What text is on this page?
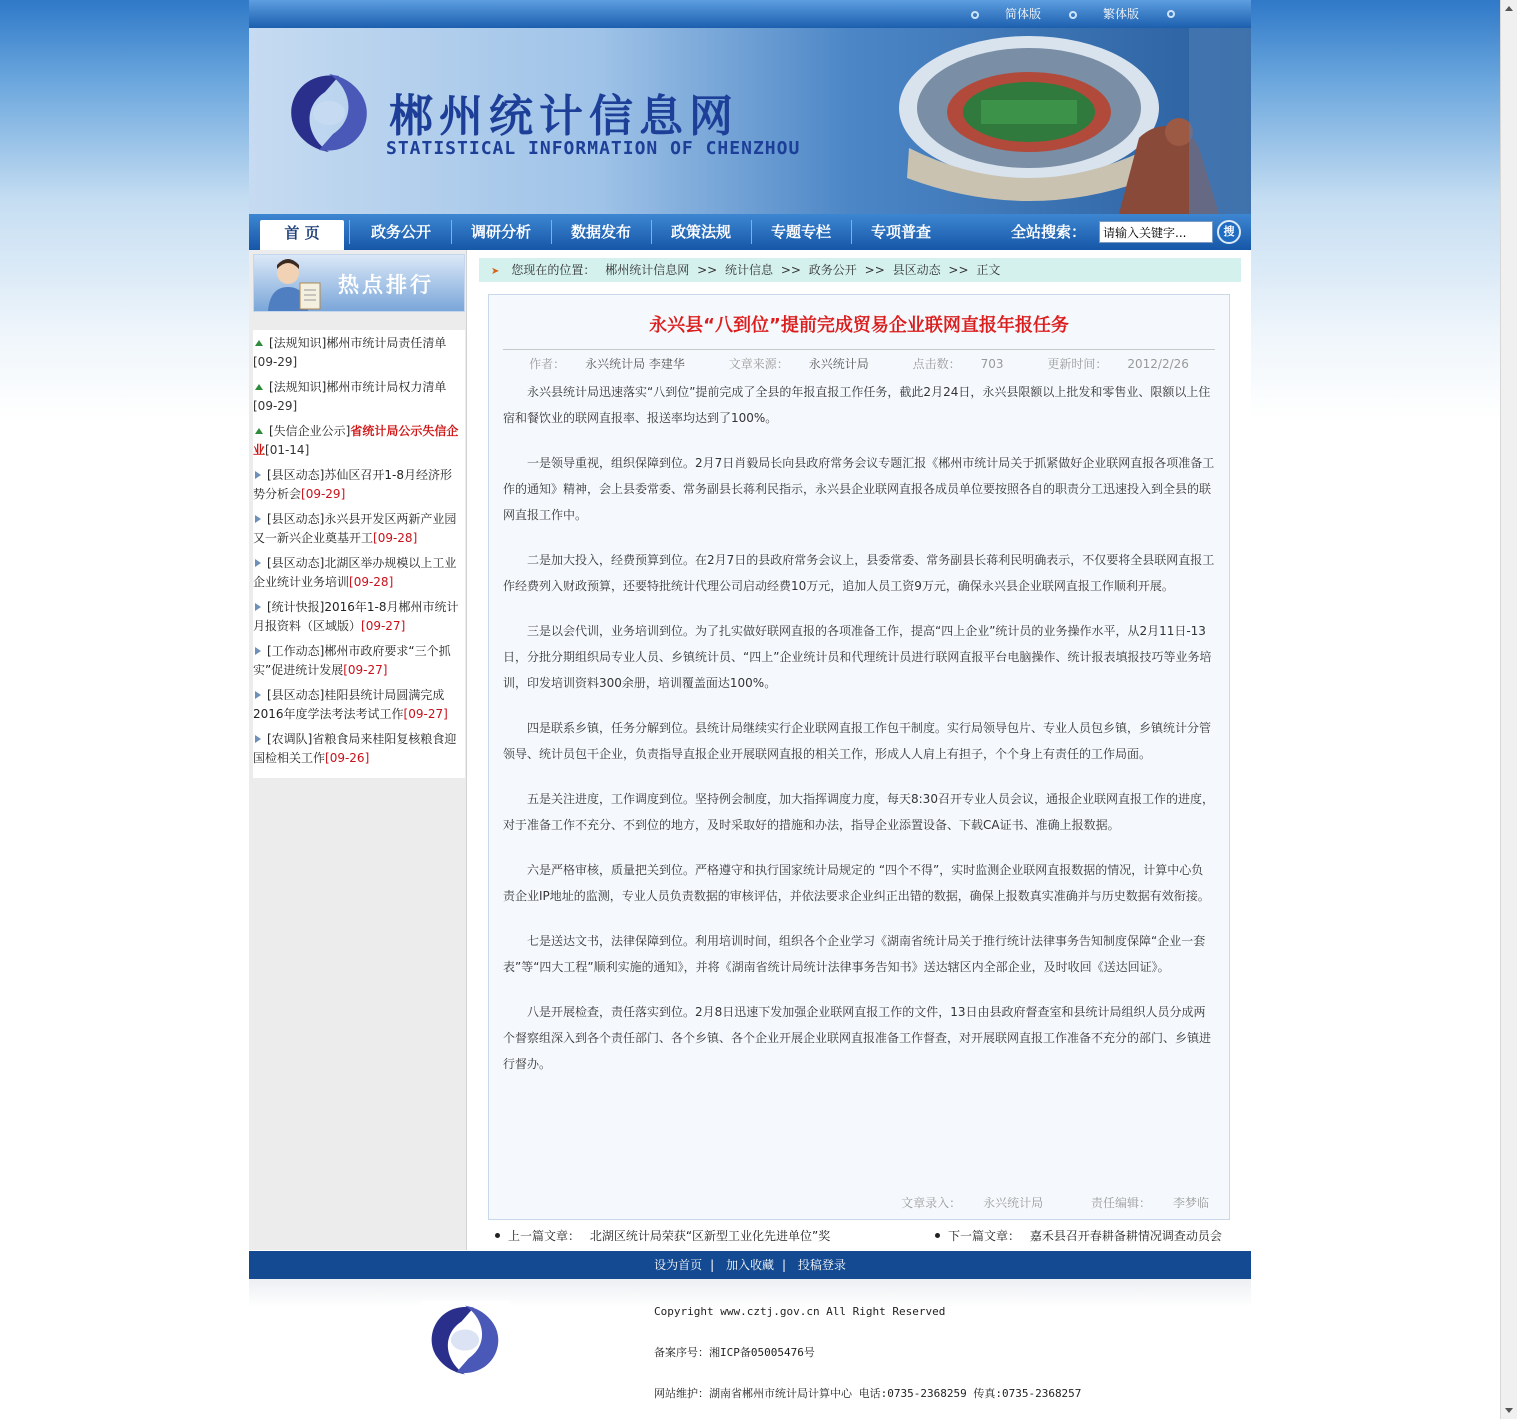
简体版	繁体版
郴州统计信息网
STATISTICAL INFORMATION OF CHENZHOU
首 页	政务公开	调研分析	数据发布	政策法规	专题专栏	专项普查	全站搜索：
请输入关键字...	搜
热点排行
[法规知识]郴州市统计局责任清单[09-29]
[法规知识]郴州市统计局权力清单[09-29]
[失信企业公示]省统计局公示失信企业[01-14]
[县区动态]苏仙区召开1-8月经济形势分析会[09-29]
[县区动态]永兴县开发区两新产业园又一新兴企业奠基开工[09-28]
[县区动态]北湖区举办规模以上工业企业统计业务培训[09-28]
[统计快报]2016年1-8月郴州市统计月报资料（区域版）[09-27]
[工作动态]郴州市政府要求“三个抓实”促进统计发展[09-27]
[县区动态]桂阳县统计局圆满完成2016年度学法考法考试工作[09-27]
[农调队]省粮食局来桂阳复核粮食迎国检相关工作[09-26]
➤ 您现在的位置： 郴州统计信息网 >> 统计信息 >> 政务公开 >> 县区动态 >> 正文
永兴县“八到位”提前完成贸易企业联网直报年报任务
作者： 永兴统计局 李建华	文章来源： 永兴统计局	点击数： 703	更新时间： 2012/2/26

永兴县统计局迅速落实“八到位”提前完成了全县的年报直报工作任务，截此2月24日，永兴县限额以上批发和零售业、限额以上住宿和餐饮业的联网直报率、报送率均达到了100%。

一是领导重视，组织保障到位。2月7日肖毅局长向县政府常务会议专题汇报《郴州市统计局关于抓紧做好企业联网直报各项准备工作的通知》精神，会上县委常委、常务副县长蒋利民指示，永兴县企业联网直报各成员单位要按照各自的职责分工迅速投入到全县的联网直报工作中。

二是加大投入，经费预算到位。在2月7日的县政府常务会议上，县委常委、常务副县长蒋利民明确表示，不仅要将全县联网直报工作经费列入财政预算，还要特批统计代理公司启动经费10万元，追加人员工资9万元，确保永兴县企业联网直报工作顺利开展。

三是以会代训，业务培训到位。为了扎实做好联网直报的各项准备工作，提高“四上企业”统计员的业务操作水平，从2月11日-13日，分批分期组织局专业人员、乡镇统计员、“四上”企业统计员和代理统计员进行联网直报平台电脑操作、统计报表填报技巧等业务培训，印发培训资料300余册，培训覆盖面达100%。

四是联系乡镇，任务分解到位。县统计局继续实行企业联网直报工作包干制度。实行局领导包片、专业人员包乡镇，乡镇统计分管领导、统计员包干企业，负责指导直报企业开展联网直报的相关工作，形成人人肩上有担子，个个身上有责任的工作局面。

五是关注进度，工作调度到位。坚持例会制度，加大指挥调度力度，每天8:30召开专业人员会议，通报企业联网直报工作的进度，对于准备工作不充分、不到位的地方，及时采取好的措施和办法，指导企业添置设备、下载CA证书、准确上报数据。

六是严格审核，质量把关到位。严格遵守和执行国家统计局规定的 “四个不得”，实时监测企业联网直报数据的情况，计算中心负责企业IP地址的监测，专业人员负责数据的审核评估，并依法要求企业纠正出错的数据，确保上报数真实准确并与历史数据有效衔接。

七是送达文书，法律保障到位。利用培训时间，组织各个企业学习《湖南省统计局关于推行统计法律事务告知制度保障“企业一套表”等“四大工程”顺利实施的通知》，并将《湖南省统计局统计法律事务告知书》送达辖区内全部企业，及时收回《送达回证》。

八是开展检查，责任落实到位。2月8日迅速下发加强企业联网直报工作的文件，13日由县政府督查室和县统计局组织人员分成两个督察组深入到各个责任部门、各个乡镇、各个企业开展企业联网直报准备工作督查，对开展联网直报工作准备不充分的部门、乡镇进行督办。

文章录入： 永兴统计局	责任编辑： 李梦临
上一篇文章： 北湖区统计局荣获“区新型工业化先进单位”奖	下一篇文章： 嘉禾县召开春耕备耕情况调查动员会
设为首页 | 加入收藏 | 投稿登录
Copyright www.cztj.gov.cn All Right Reserved
备案序号：湘ICP备05005476号
网站维护：湖南省郴州市统计局计算中心 电话:0735-2368259 传真:0735-2368257
